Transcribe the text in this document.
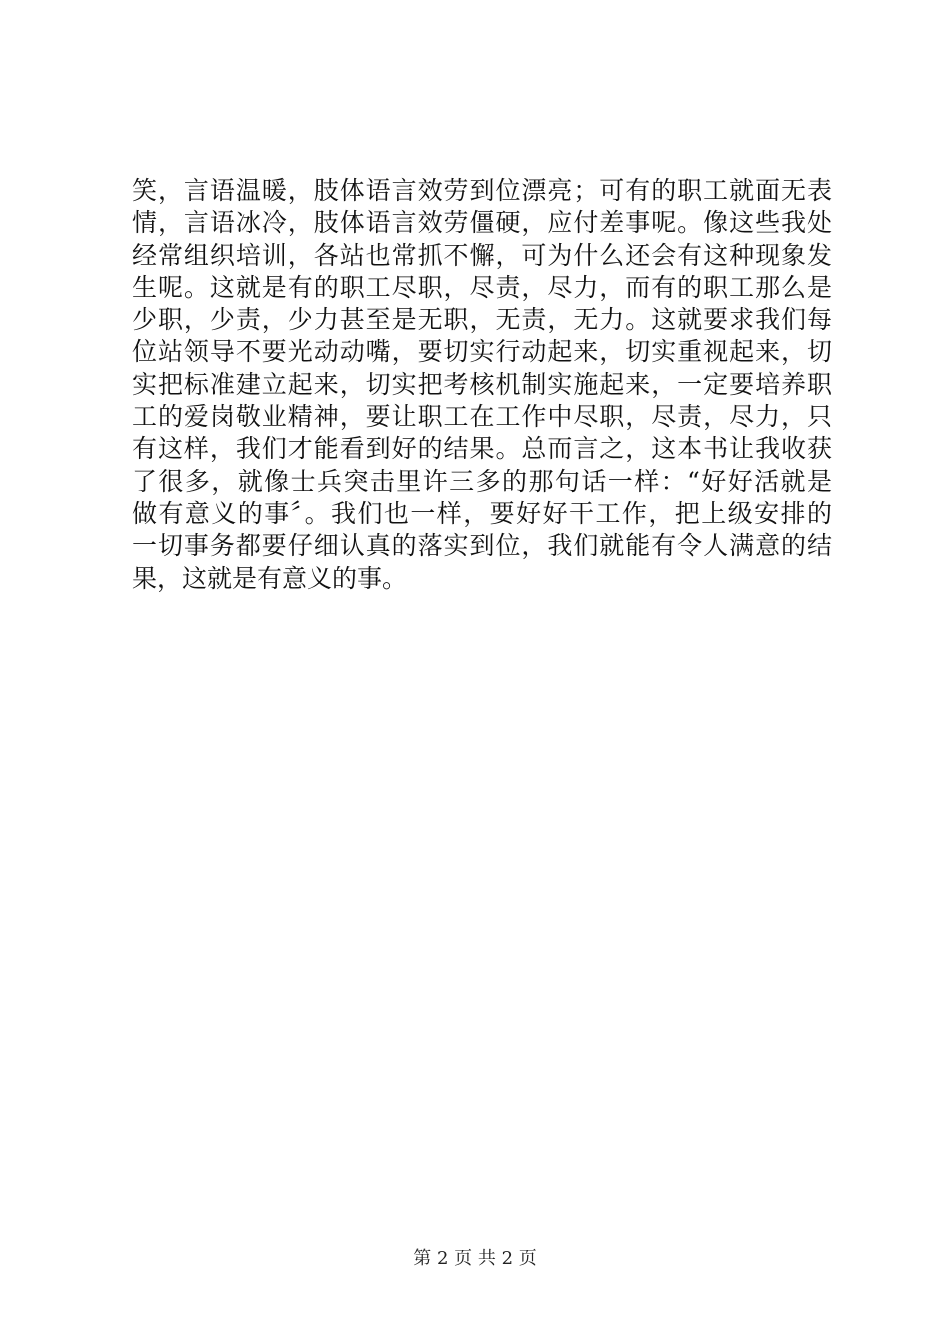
笑，言语温暖，肢体语言效劳到位漂亮；可有的职工就面无表
情，言语冰冷，肢体语言效劳僵硬，应付差事呢。像这些我处
经常组织培训，各站也常抓不懈，可为什么还会有这种现象发
生呢。这就是有的职工尽职，尽责，尽力，而有的职工那么是
少职，少责，少力甚至是无职，无责，无力。这就要求我们每
位站领导不要光动动嘴，要切实行动起来，切实重视起来，切
实把标准建立起来，切实把考核机制实施起来，一定要培养职
工的爱岗敬业精神，要让职工在工作中尽职，尽责，尽力，只
有这样，我们才能看到好的结果。总而言之，这本书让我收获
了很多，就像士兵突击里许三多的那句话一样：“好好活就是
做有意义的事〞。我们也一样，要好好干工作，把上级安排的
一切事务都要仔细认真的落实到位，我们就能有令人满意的结
果，这就是有意义的事。
第 2 页 共 2 页
